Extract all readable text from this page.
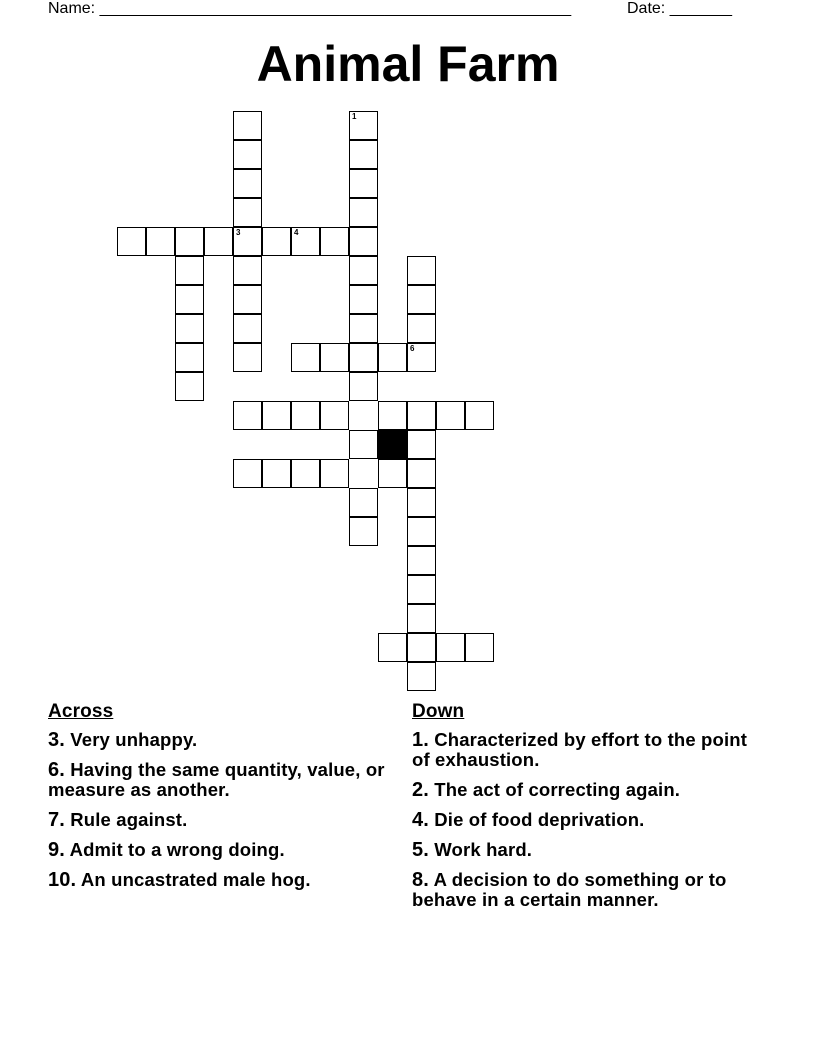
Name: _____________________________________________________	Date: _______
Animal Farm
3
1
4
6
Across
3. Very unhappy.
6. Having the same quantity, value, or measure as another.
7. Rule against.
9. Admit to a wrong doing.
10. An uncastrated male hog.
Down
1. Characterized by effort to the point of exhaustion.
2. The act of correcting again.
4. Die of food deprivation.
5. Work hard.
8. A decision to do something or to behave in a certain manner.
